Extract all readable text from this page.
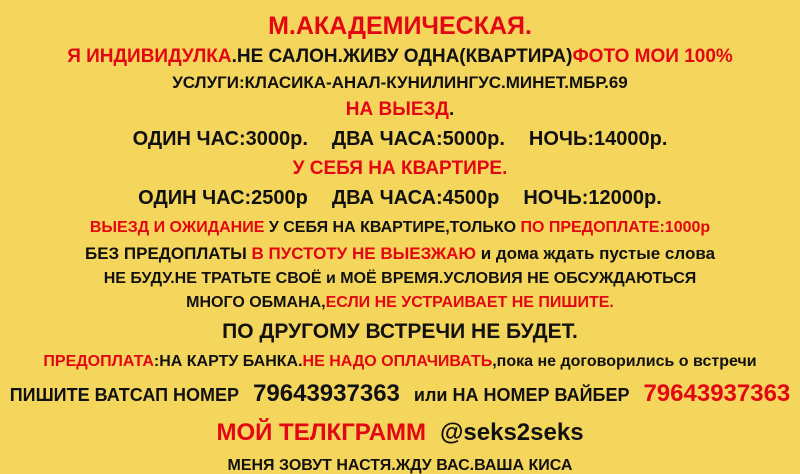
М.АКАДЕМИЧЕСКАЯ.
Я ИНДИВИДУЛКА.НЕ САЛОН.ЖИВУ ОДНА(КВАРТИРА)ФОТО МОИ 100%
УСЛУГИ:КЛАСИКА-АНАЛ-КУНИЛИНГУС.МИНЕТ.МБР.69
НА ВЫЕЗД.
ОДИН ЧАС:3000р. ДВА ЧАСА:5000р. НОЧЬ:14000р.
У СЕБЯ НА КВАРТИРЕ.
ОДИН ЧАС:2500р ДВА ЧАСА:4500р НОЧЬ:12000р.
ВЫЕЗД И ОЖИДАНИЕ У СЕБЯ НА КВАРТИРЕ,ТОЛЬКО ПО ПРЕДОПЛАТЕ:1000р
БЕЗ ПРЕДОПЛАТЫ В ПУСТОТУ НЕ ВЫЕЗЖАЮ и дома ждать пустые слова
НЕ БУДУ.НЕ ТРАТЬТЕ СВОЁ и МОЁ ВРЕМЯ.УСЛОВИЯ НЕ ОБСУЖДАЮТЬСЯ
МНОГО ОБМАНА,ЕСЛИ НЕ УСТРАИВАЕТ НЕ ПИШИТЕ.
ПО ДРУГОМУ ВСТРЕЧИ НЕ БУДЕТ.
ПРЕДОПЛАТА:НА КАРТУ БАНКА.НЕ НАДО ОПЛАЧИВАТЬ,пока не договорились о встречи
ПИШИТЕ ВАТСАП НОМЕР 79643937363 или НА НОМЕР ВАЙБЕР 79643937363
МОЙ ТЕЛКГРАММ @seks2seks
МЕНЯ ЗОВУТ НАСТЯ.ЖДУ ВАС.ВАША КИСА
